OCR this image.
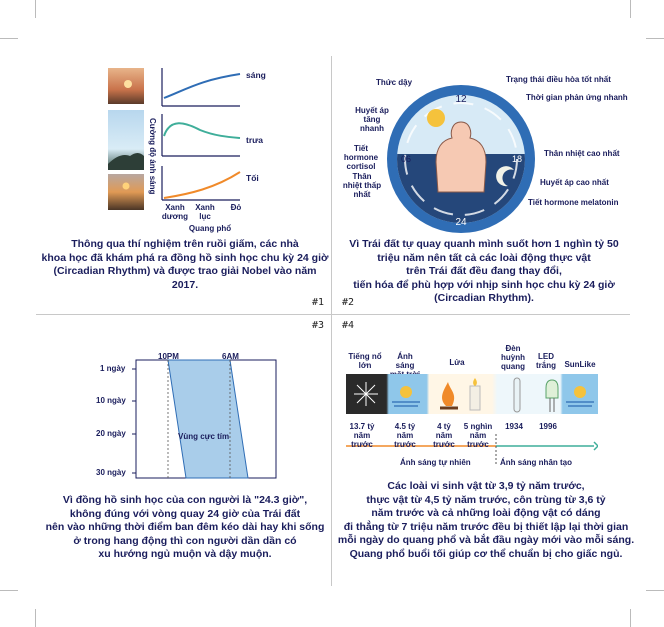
Cường độ ánh sáng
sáng
trưa
Tối
Xanh dương
Xanh lục
Đỏ
Quang phổ
Thông qua thí nghiệm trên ruồi giấm, các nhà
khoa học đã khám phá ra đồng hồ sinh học chu kỳ 24 giờ
(Circadian Rhythm) và được trao giải Nobel vào năm 2017.
#1
12
06	18
24
Thức dậy
Huyết áp tăng nhanh
Tiết hormone cortisol
Thân nhiệt thấp nhất
Trạng thái điều hòa tốt nhất
Thời gian phản ứng nhanh
Thân nhiệt cao nhất
Huyết áp cao nhất
Tiết hormone melatonin
Vì Trái đất tự quay quanh mình suốt hơn 1 nghìn tỷ 50
triệu năm nên tất cả các loài động thực vật
trên Trái đất đều đang thay đổi,
tiến hóa để phù hợp với nhịp sinh học chu kỳ 24 giờ
(Circadian Rhythm).
#2
#3
1 ngày
10 ngày
20 ngày
30 ngày
10PM	6AM
Vùng cực tím
Vì đồng hồ sinh học của con người là "24.3 giờ",
không đúng với vòng quay 24 giờ của Trái đất
nên vào những thời điểm ban đêm kéo dài hay khi sống
ở trong hang động thì con người dần dần có
xu hướng ngủ muộn và dậy muộn.
#4
Tiếng nổ lớn
Ánh sáng	Lửa
Đèn huỳnh quang
LED trắng	SunLike
13.7 tỷ năm trước
4.5 tỷ năm trước
4 tỷ năm trước
5 nghìn năm trước
1934	1996
Ánh sáng tự nhiên	Ánh sáng nhân tạo
Các loài vi sinh vật từ 3,9 tỷ năm trước,
thực vật từ 4,5 tỷ năm trước, côn trùng từ 3,6 tỷ
năm trước và cả những loài động vật có dáng
đi thẳng từ 7 triệu năm trước đều bị thiết lập lại thời gian
mỗi ngày do quang phổ và bắt đầu ngày mới vào mỗi sáng.
Quang phổ buổi tối giúp cơ thể chuẩn bị cho giấc ngủ.
